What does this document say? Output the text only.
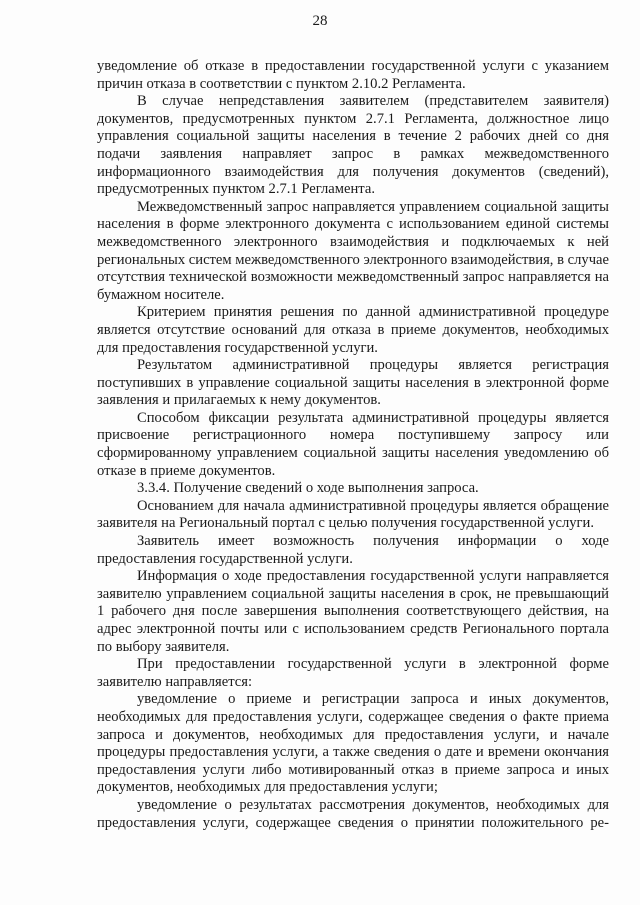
28

уведомление об отказе в предоставлении государственной услуги с указанием причин отказа в соответствии с пунктом 2.10.2 Регламента.

В случае непредставления заявителем (представителем заявителя) документов, предусмотренных пунктом 2.7.1 Регламента, должностное лицо управления социальной защиты населения в течение 2 рабочих дней со дня подачи заявления направляет запрос в рамках межведомственного информационного взаимодействия для получения документов (сведений), предусмотренных пунктом 2.7.1 Регламента.

Межведомственный запрос направляется управлением социальной защиты населения в форме электронного документа с использованием единой системы межведомственного электронного взаимодействия и подключаемых к ней региональных систем межведомственного электронного взаимодействия, в случае отсутствия технической возможности межведомственный запрос направляется на бумажном носителе.

Критерием принятия решения по данной административной процедуре является отсутствие оснований для отказа в приеме документов, необходимых для предоставления государственной услуги.

Результатом административной процедуры является регистрация поступивших в управление социальной защиты населения в электронной форме заявления и прилагаемых к нему документов.

Способом фиксации результата административной процедуры является присвоение регистрационного номера поступившему запросу или сформированному управлением социальной защиты населения уведомлению об отказе в приеме документов.

3.3.4. Получение сведений о ходе выполнения запроса.

Основанием для начала административной процедуры является обращение заявителя на Региональный портал с целью получения государственной услуги.

Заявитель имеет возможность получения информации о ходе предоставления государственной услуги.

Информация о ходе предоставления государственной услуги направляется заявителю управлением социальной защиты населения в срок, не превышающий 1 рабочего дня после завершения выполнения соответствующего действия, на адрес электронной почты или с использованием средств Регионального портала по выбору заявителя.

При предоставлении государственной услуги в электронной форме заявителю направляется:

уведомление о приеме и регистрации запроса и иных документов, необходимых для предоставления услуги, содержащее сведения о факте приема запроса и документов, необходимых для предоставления услуги, и начале процедуры предоставления услуги, а также сведения о дате и времени окончания предоставления услуги либо мотивированный отказ в приеме запроса и иных документов, необходимых для предоставления услуги;

уведомление о результатах рассмотрения документов, необходимых для предоставления услуги, содержащее сведения о принятии положительного ре-
